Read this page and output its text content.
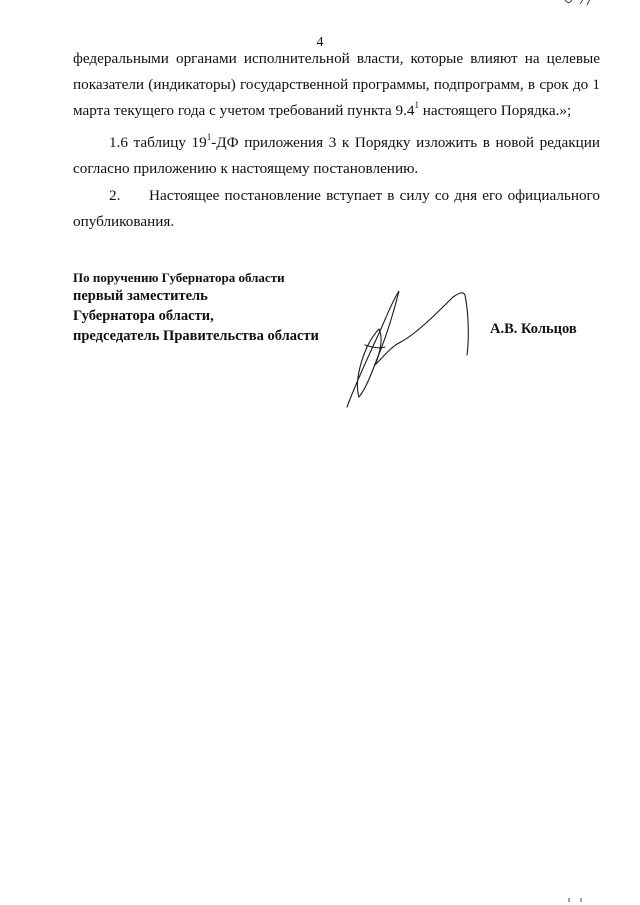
4
федеральными органами исполнительной власти, которые влияют на целевые показатели (индикаторы) государственной программы, подпрограмм, в срок до 1 марта текущего года с учетом требований пункта $9.4^1$ настоящего Порядка.»;
1.6 таблицу $19^1-ДФ$ приложения 3 к Порядку изложить в новой редакции согласно приложению к настоящему постановлению.
2. Настоящее постановление вступает в силу со дня его официального опубликования.
По поручению Губернатора области
первый заместитель
Губернатора области,
председатель Правительства области	А.В. Кольцов
